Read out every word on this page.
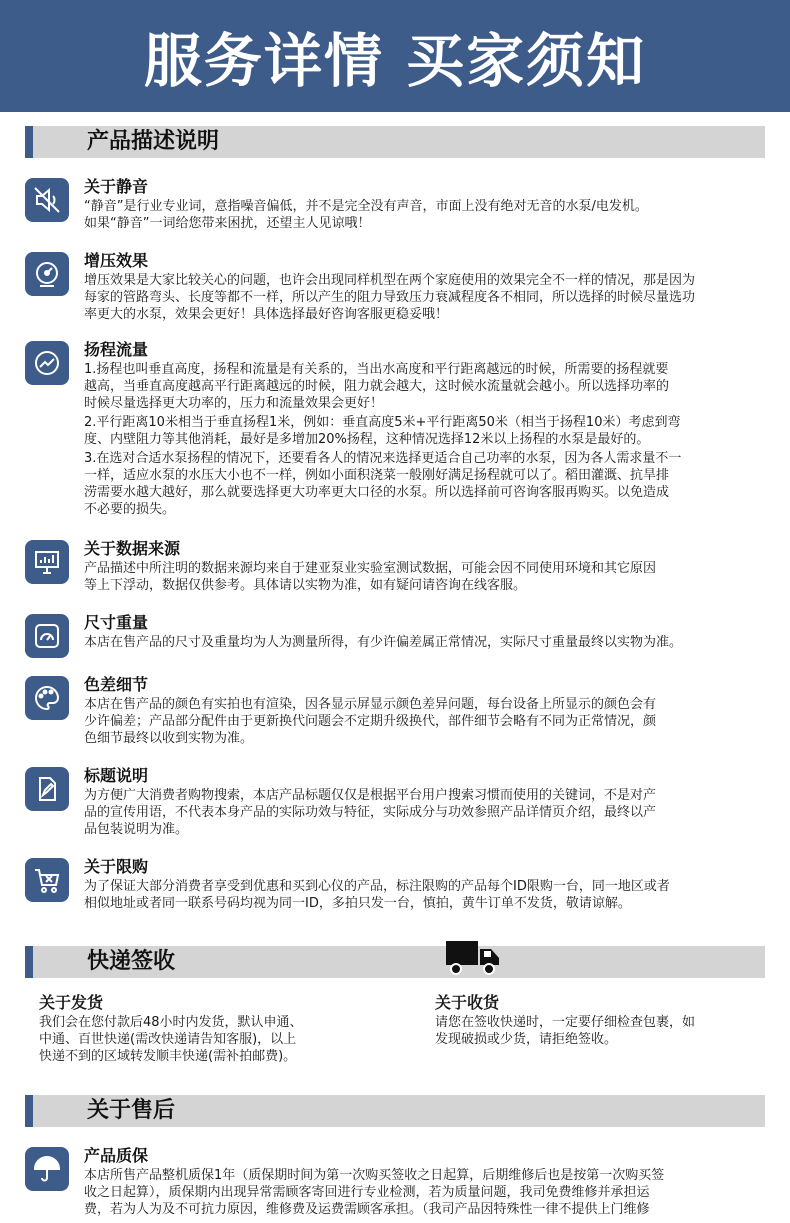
服务详情 买家须知
产品描述说明
关于静音

“静音”是行业专业词，意指噪音偏低，并不是完全没有声音，市面上没有绝对无音的水泵/电发机。

如果“静音”一词给您带来困扰，还望主人见谅哦！

增压效果

增压效果是大家比较关心的问题，也许会出现同样机型在两个家庭使用的效果完全不一样的情况，那是因为

每家的管路弯头、长度等都不一样，所以产生的阻力导致压力衰减程度各不相同，所以选择的时候尽量选功

率更大的水泵，效果会更好！具体选择最好咨询客服更稳妥哦！

扬程流量

1.扬程也叫垂直高度，扬程和流量是有关系的，当出水高度和平行距离越远的时候，所需要的扬程就要

越高，当垂直高度越高平行距离越远的时候，阻力就会越大，这时候水流量就会越小。所以选择功率的

时候尽量选择更大功率的，压力和流量效果会更好！

2.平行距离10米相当于垂直扬程1米，例如：垂直高度5米+平行距离50米（相当于扬程10米）考虑到弯

度、内壁阻力等其他消耗，最好是多增加20%扬程，这种情况选择12米以上扬程的水泵是最好的。

3.在选对合适水泵扬程的情况下，还要看各人的情况来选择更适合自己功率的水泵，因为各人需求量不一

一样，适应水泵的水压大小也不一样，例如小面积浇菜一般刚好满足扬程就可以了。稻田灌溉、抗旱排

涝需要水越大越好，那么就要选择更大功率更大口径的水泵。所以选择前可咨询客服再购买。以免造成

不必要的损失。

关于数据来源

产品描述中所注明的数据来源均来自于建亚泵业实验室测试数据，可能会因不同使用环境和其它原因

等上下浮动，数据仅供参考。具体请以实物为准，如有疑问请咨询在线客服。

尺寸重量

本店在售产品的尺寸及重量均为人为测量所得，有少许偏差属正常情况，实际尺寸重量最终以实物为准。

色差细节

本店在售产品的颜色有实拍也有渲染，因各显示屏显示颜色差异问题，每台设备上所显示的颜色会有

少许偏差；产品部分配件由于更新换代问题会不定期升级换代，部件细节会略有不同为正常情况，颜

色细节最终以收到实物为准。

标题说明

为方便广大消费者购物搜索，本店产品标题仅仅是根据平台用户搜索习惯而使用的关键词，不是对产

品的宣传用语，不代表本身产品的实际功效与特征，实际成分与功效参照产品详情页介绍，最终以产

品包装说明为准。

关于限购

为了保证大部分消费者享受到优惠和买到心仪的产品，标注限购的产品每个ID限购一台，同一地区或者

相似地址或者同一联系号码均视为同一ID，多拍只发一台，慎拍，黄牛订单不发货，敬请谅解。

快递签收
关于发货

我们会在您付款后48小时内发货，默认申通、

中通、百世快递(需改快递请告知客服)，以上

快递不到的区域转发顺丰快递(需补拍邮费)。

关于收货

请您在签收快递时，一定要仔细检查包裹，如

发现破损或少货，请拒绝签收。

关于售后
产品质保

本店所售产品整机质保1年（质保期时间为第一次购买签收之日起算，后期维修后也是按第一次购买签

收之日起算），质保期内出现异常需顾客寄回进行专业检测，若为质量问题，我司免费维修并承担运

费，若为人为及不可抗力原因，维修费及运费需顾客承担。（我司产品因特殊性一律不提供上门维修
